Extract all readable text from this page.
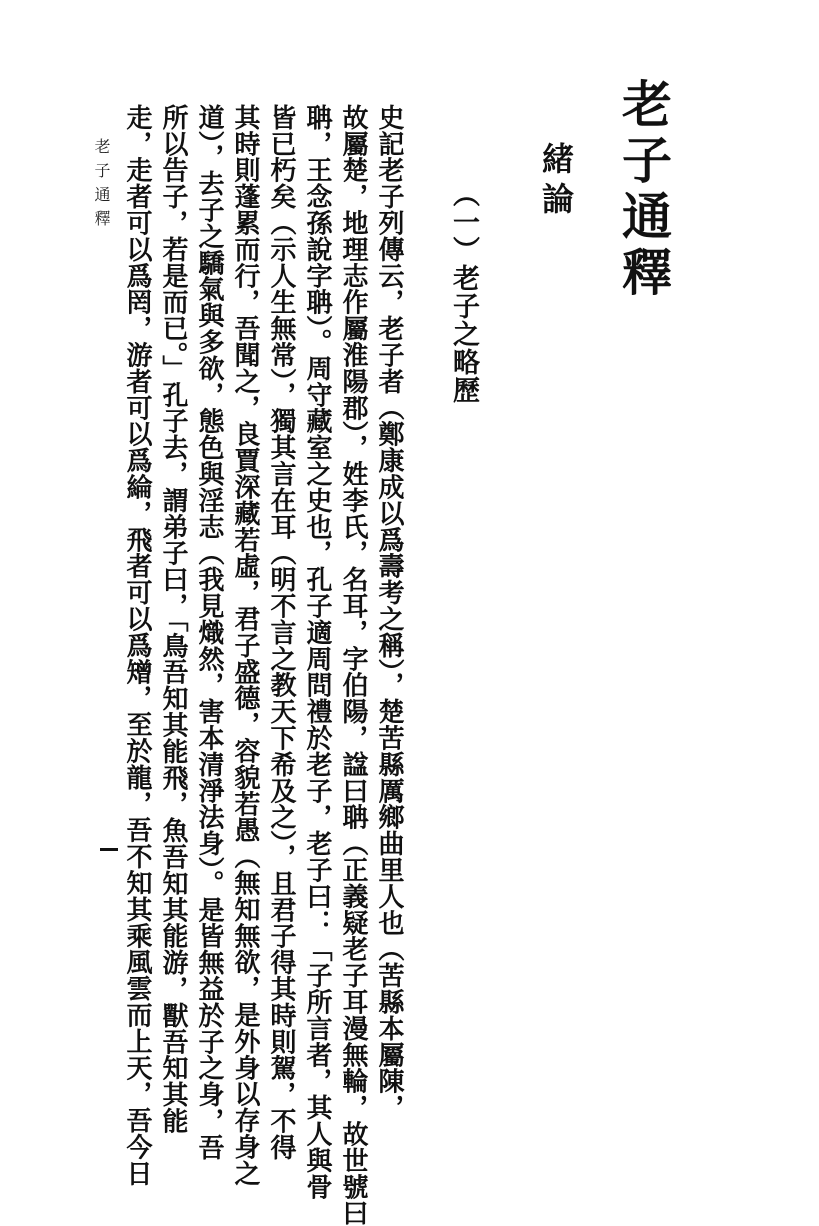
老子通釋
緒論
（一）老子之略歷
史記老子列傳云，老子者（鄭康成以爲壽考之稱），楚苦縣厲鄉曲里人也（苦縣本屬陳，
故屬楚，地理志作屬淮陽郡），姓李氏，名耳，字伯陽，諡曰聃（正義疑老子耳漫無輪，故世號曰
聃，王念孫說字聃）。周守藏室之史也，孔子適周問禮於老子，老子曰：「子所言者，其人與骨
皆已朽矣（示人生無常），獨其言在耳（明不言之教天下希及之），且君子得其時則駕，不得
其時則蓬累而行，吾聞之，良賈深藏若虛，君子盛德，容貌若愚（無知無欲，是外身以存身之
道），去子之驕氣與多欲，態色與淫志（我見熾然，害本清淨法身）。是皆無益於子之身，吾
所以告子，若是而已。」孔子去，謂弟子曰，「鳥吾知其能飛，魚吾知其能游，獸吾知其能
走，走者可以爲罔，游者可以爲綸，飛者可以爲矰，至於龍，吾不知其乘風雲而上天，吾今日
老子通釋
